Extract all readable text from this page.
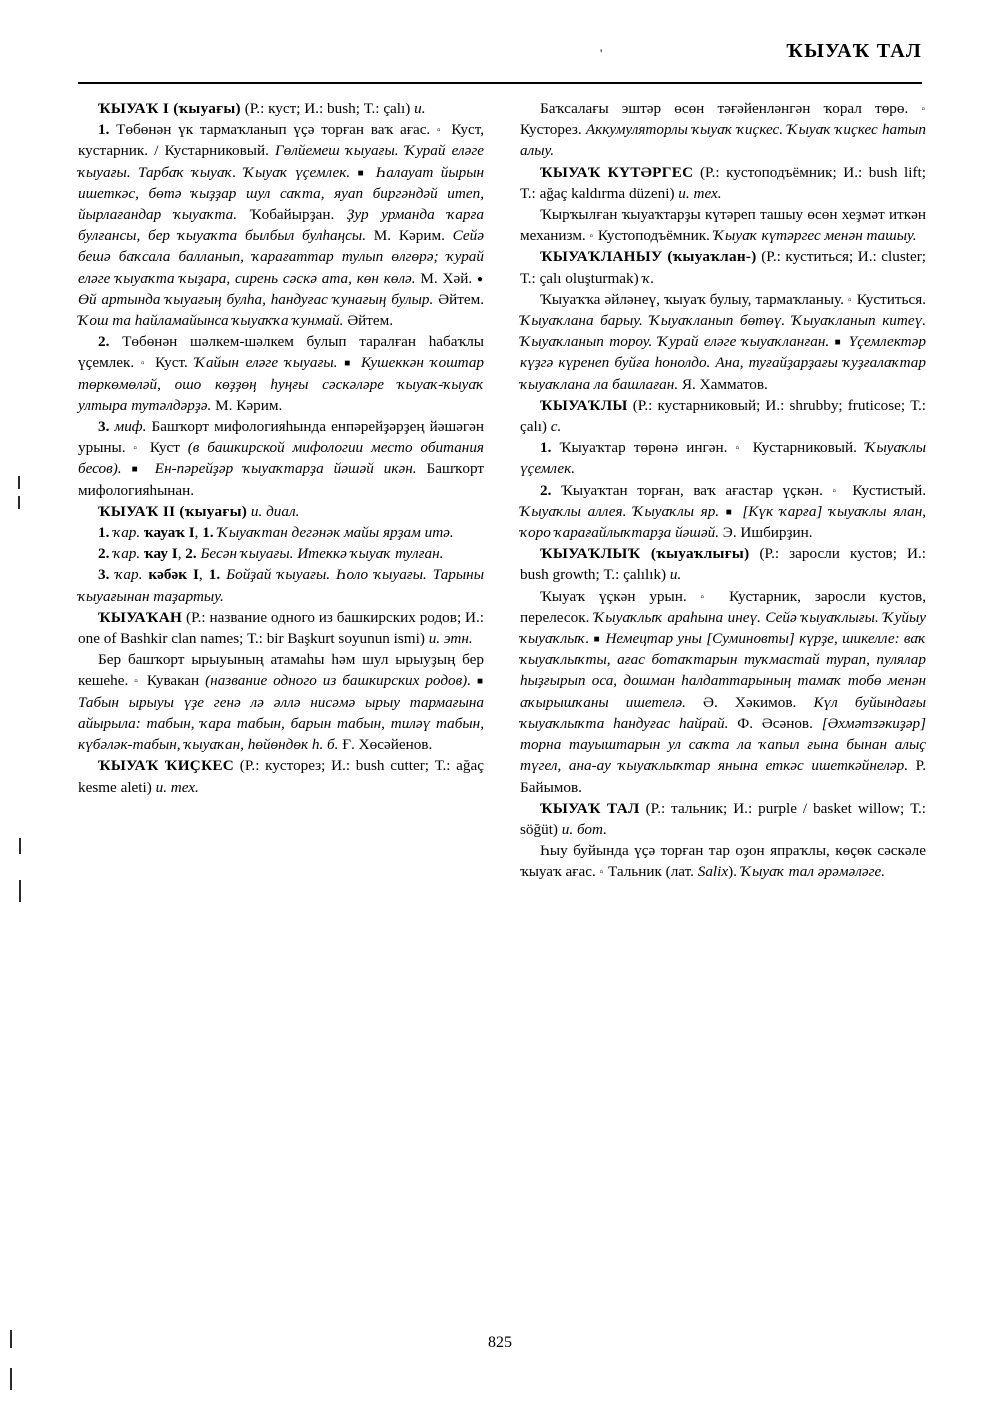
'	ҠЫУАҠ ТАЛ

ҠЫУАҠ I (ҡыуағы) (Р.: куст; И.: bush; Т.: çalı) и.

1. Төбөнән үк тармаҡланып үҫә торған ваҡ ағас. ▫ Куст, кустарник. / Кустарниковый. Гөлйемеш ҡыуағы. Ҡурай еләге ҡыуағы. Тарбаҡ ҡыуаҡ. Ҡыуаҡ үҫемлек. ■ Һалауат йырын ишеткәс, бөтә ҡыҙҙар шул саҡта, яуап биргәндәй итеп, йырлағандар ҡыуаҡта. Ҡобайырҙан. Ҙур урманда ҡарға булғансы, бер ҡыуаҡта былбыл булһаңсы. М. Кәрим. Сейә бешә баҡсала балланып, ҡарағаттар тулып өлгөрә; ҡурай еләге ҡыуаҡта ҡыҙара, сирень сәскә ата, көн көлә. М. Хәй. ● Өй артында ҡыуағың булһа, һандуғас ҡунағың булыр. Әйтем. Ҡош та һайламайынса ҡыуаҡҡа ҡунмай. Әйтем.

2. Төбөнән шәлкем-шәлкем булып таралған һабаҡлы үҫемлек. ▫ Куст. Ҡайын еләге ҡыуағы. ■ Кушеккән ҡоштар төркөмөләй, ошо көҙҙөң һуңғы сәскәләре ҡыуаҡ-ҡыуаҡ ултыра тутәлдәрҙә. М. Кәрим.

3. миф. Башҡорт мифологияһында енпәрейҙәрҙең йәшәгән урыны. ▫ Куст (в башкирской мифологии место обитания бесов). ■ Ен-пәрейҙәр ҡыуаҡтарҙа йәшәй икән. Башҡорт мифологияһынан.

ҠЫУАҠ II (ҡыуағы) и. диал.

1. ҡар. ҡауаҡ I, 1. Ҡыуаҡтан дегәнәк майы ярҙам итә.

2. ҡар. ҡау I, 2. Бесән ҡыуағы. Итеккә ҡыуаҡ тулған.

3. ҡар. кәбәк I, 1. Бойҙай ҡыуағы. Һоло ҡыуағы. Тарыны ҡыуағынан таҙартыу.

ҠЫУАҠАН (Р.: название одного из башкирских родов; И.: one of Bashkir clan names; Т.: bir Başkurt soyunun ismi) и. этн.

Бер башҡорт ырыуының атамаһы һәм шул ырыуҙың бер кешеһе. ▫ Кувакан (название одного из башкирских родов). ■ Табын ырыуы үҙе генә лә әллә нисәмә ырыу тармағына айырыла: табын, ҡара табын, барын табын, тиләү табын, күбәләк-табын, ҡыуаҡан, һөйөндөк һ. б. Ғ. Хөсәйенов.

ҠЫУАҠ ҠИҪКЕС (Р.: кусторез; И.: bush cutter; Т.: ağaç kesme aleti) и. тех.

Баҡсалағы эштәр өсөн тәғәйенләнгән ҡорал төрө. ▫ Кусторез. Аккумуляторлы ҡыуаҡ ҡиҫкес. Ҡыуаҡ ҡиҫкес һатып алыу.

ҠЫУАҠ КҮТӘРГЕС (Р.: кустоподъёмник; И.: bush lift; Т.: ağaç kaldırma düzeni) и. тех.

Ҡырҡылған ҡыуаҡтарҙы күтәреп ташыу өсөн хеҙмәт иткән механизм. ▫ Кустоподъёмник. Ҡыуаҡ күтәргес менән ташыу.

ҠЫУАҠЛАНЫУ (ҡыуаҡлан-) (Р.: куститься; И.: cluster; Т.: çalı oluşturmak) ҡ.

Ҡыуаҡҡа әйләнеү, ҡыуаҡ булыу, тармаҡланыу. ▫ Куститься. Ҡыуаҡлана барыу. Ҡыуаҡланып бөтөү. Ҡыуаҡланып китеү. Ҡыуаҡланып тороу. Ҡурай еләге ҡыуаҡланған. ■ Үҫемлектәр күҙгә күренеп буйға һонолдо. Ана, туғайҙарҙағы ҡуҙғалаҡтар ҡыуаҡлана ла башлаған. Я. Хамматов.

ҠЫУАҠЛЫ (Р.: кустарниковый; И.: shrubby; fruticose; Т.: çalı) с.

1. Ҡыуаҡтар төрөнә ингән. ▫ Кустарниковый. Ҡыуаҡлы үҫемлек.

2. Ҡыуаҡтан торған, ваҡ ағастар үҫкән. ▫ Кустистый. Ҡыуаҡлы аллея. Ҡыуаҡлы яр. ■ [Күк ҡарға] ҡыуаҡлы ялан, ҡоро ҡарағайлыҡтарҙа йәшәй. Э. Ишбирҙин.

ҠЫУАҠЛЫҠ (ҡыуаҡлығы) (Р.: заросли кустов; И.: bush growth; Т.: çalılık) и.

Ҡыуаҡ үҫкән урын. ▫ Кустарник, заросли кустов, перелесок. Ҡыуаҡлыҡ араһына инеү. Сейә ҡыуаҡлығы. Ҡуйыу ҡыуаҡлыҡ. ■ Немецтар уны [Суминовты] күрҙе, шикелле: ваҡ ҡыуаҡлыҡты, ағас ботаҡтарын туҡмастай турап, пулялар һыҙғырып оса, дошман һалдаттарының тамаҡ тобө менән аҡырышҡаны ишетелә. Ә. Хәкимов. Күл буйындағы ҡыуаҡлыҡта һандуғас һайрай. Ф. Әсәнов. [Әхмәтзәкиҙәр] торна тауыштарын ул саҡта ла ҡапыл ғына бынан алыҫ түгел, ана-ау ҡыуаҡлыҡтар янына еткәс ишеткәйнеләр. Р. Байымов.

ҠЫУАҠ ТАЛ (Р.: тальник; И.: purple / basket willow; Т.: söğüt) и. бот.

Һыу буйында үҫә торған тар оҙон япраҡлы, көҫөк сәскәле ҡыуаҡ ағас. ▫ Тальник (лат. Salix). Ҡыуаҡ тал әрәмәләге.

825
